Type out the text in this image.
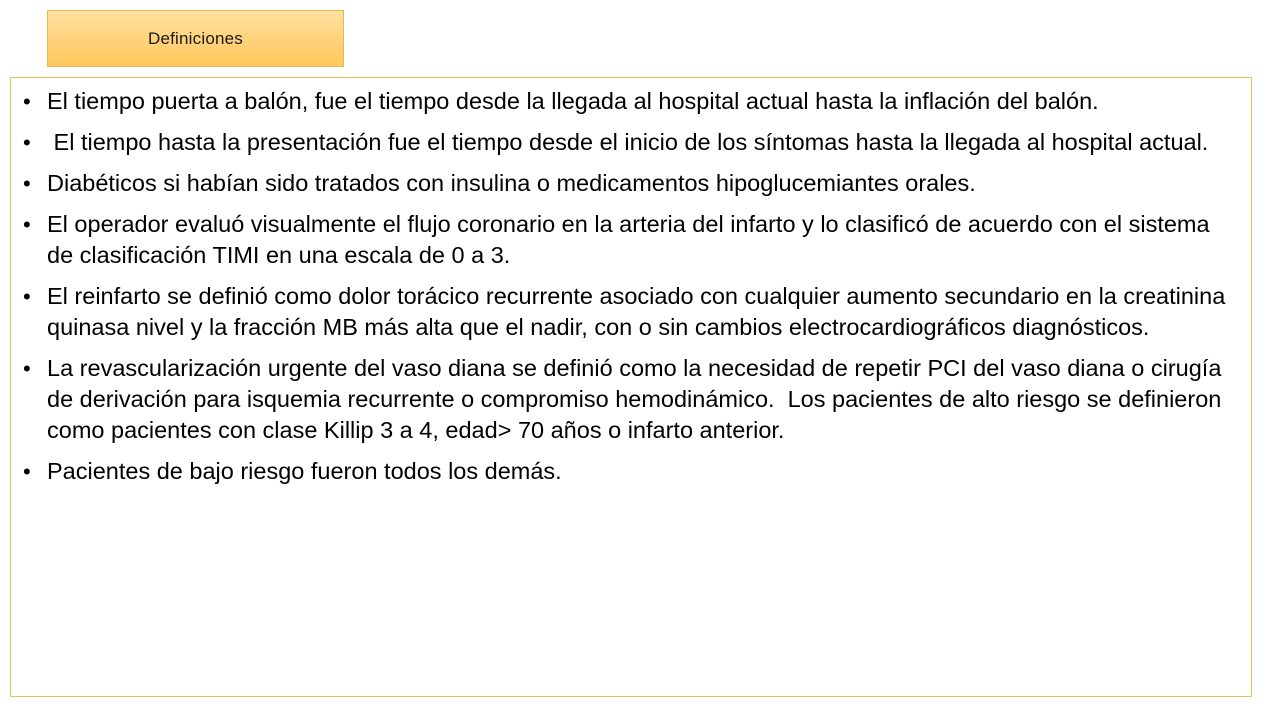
Definiciones
• El tiempo puerta a balón, fue el tiempo desde la llegada al hospital actual hasta la inflación del balón.
• El tiempo hasta la presentación fue el tiempo desde el inicio de los síntomas hasta la llegada al hospital actual.
• Diabéticos si habían sido tratados con insulina o medicamentos hipoglucemiantes orales.
• El operador evaluó visualmente el flujo coronario en la arteria del infarto y lo clasificó de acuerdo con el sistema de clasificación TIMI en una escala de 0 a 3.
• El reinfarto se definió como dolor torácico recurrente asociado con cualquier aumento secundario en la creatinina quinasa nivel y la fracción MB más alta que el nadir, con o sin cambios electrocardiográficos diagnósticos.
• La revascularización urgente del vaso diana se definió como la necesidad de repetir PCI del vaso diana o cirugía de derivación para isquemia recurrente o compromiso hemodinámico.  Los pacientes de alto riesgo se definieron como pacientes con clase Killip 3 a 4, edad> 70 años o infarto anterior.
• Pacientes de bajo riesgo fueron todos los demás.
